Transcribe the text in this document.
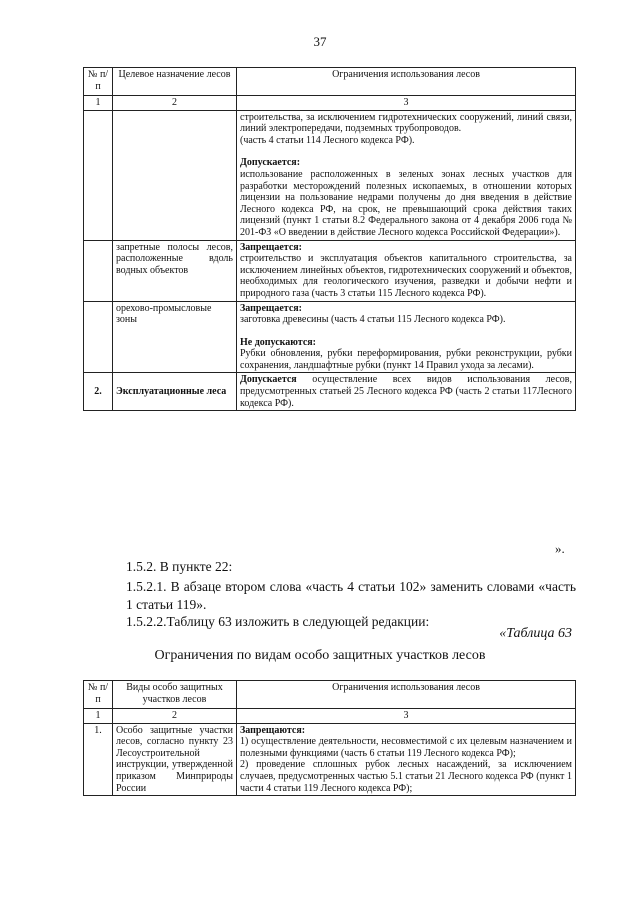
37
№ п/п	Целевое назначение лесов	Ограничения использования лесов
1	2	3

		строительства, за исключением гидротехнических сооружений, линий связи, линий электропередачи, подземных трубопроводов.

(часть 4 статьи 114 Лесного кодекса РФ).

Допускается:

использование расположенных в зеленых зонах лесных участков для разработки месторождений полезных ископаемых, в отношении которых лицензии на пользование недрами получены до дня введения в действие Лесного кодекса РФ, на срок, не превышающий срока действия таких лицензий (пункт 1 статьи 8.2 Федерального закона от 4 декабря 2006 года № 201-ФЗ «О введении в действие Лесного кодекса Российской Федерации»).

	запретные полосы лесов, расположенные вдоль водных объектов	Запрещается:

строительство и эксплуатация объектов капитального строительства, за исключением линейных объектов, гидротехнических сооружений и объектов, необходимых для геологического изучения, разведки и добычи нефти и природного газа (часть 3 статьи 115 Лесного кодекса РФ).

	орехово-промысловые зоны	Запрещается:

заготовка древесины (часть 4 статьи 115 Лесного кодекса РФ).

Не допускаются:

Рубки обновления, рубки переформирования, рубки реконструкции, рубки сохранения, ландшафтные рубки (пункт 14 Правил ухода за лесами).

2.	Эксплуатационные леса	Допускается осуществление всех видов использования лесов, предусмотренных статьей 25 Лесного кодекса РФ (часть 2 статьи 117Лесного кодекса РФ).

».
1.5.2. В пункте 22:
1.5.2.1. В абзаце втором слова «часть 4 статьи 102» заменить словами «часть 1 статьи 119».
1.5.2.2.Таблицу 63 изложить в следующей редакции:
«Таблица 63
Ограничения по видам особо защитных участков лесов
№ п/п	Виды особо защитных участков лесов	Ограничения использования лесов
1	2	3
1.	Особо защитные участки лесов, согласно пункту 23 Лесоустроительной инструкции, утвержденной приказом Минприроды России	Запрещаются:

1) осуществление деятельности, несовместимой с их целевым назначением и полезными функциями (часть 6 статьи 119 Лесного кодекса РФ);

2) проведение сплошных рубок лесных насаждений, за исключением случаев, предусмотренных частью 5.1 статьи 21 Лесного кодекса РФ (пункт 1 части 4 статьи 119 Лесного кодекса РФ);
